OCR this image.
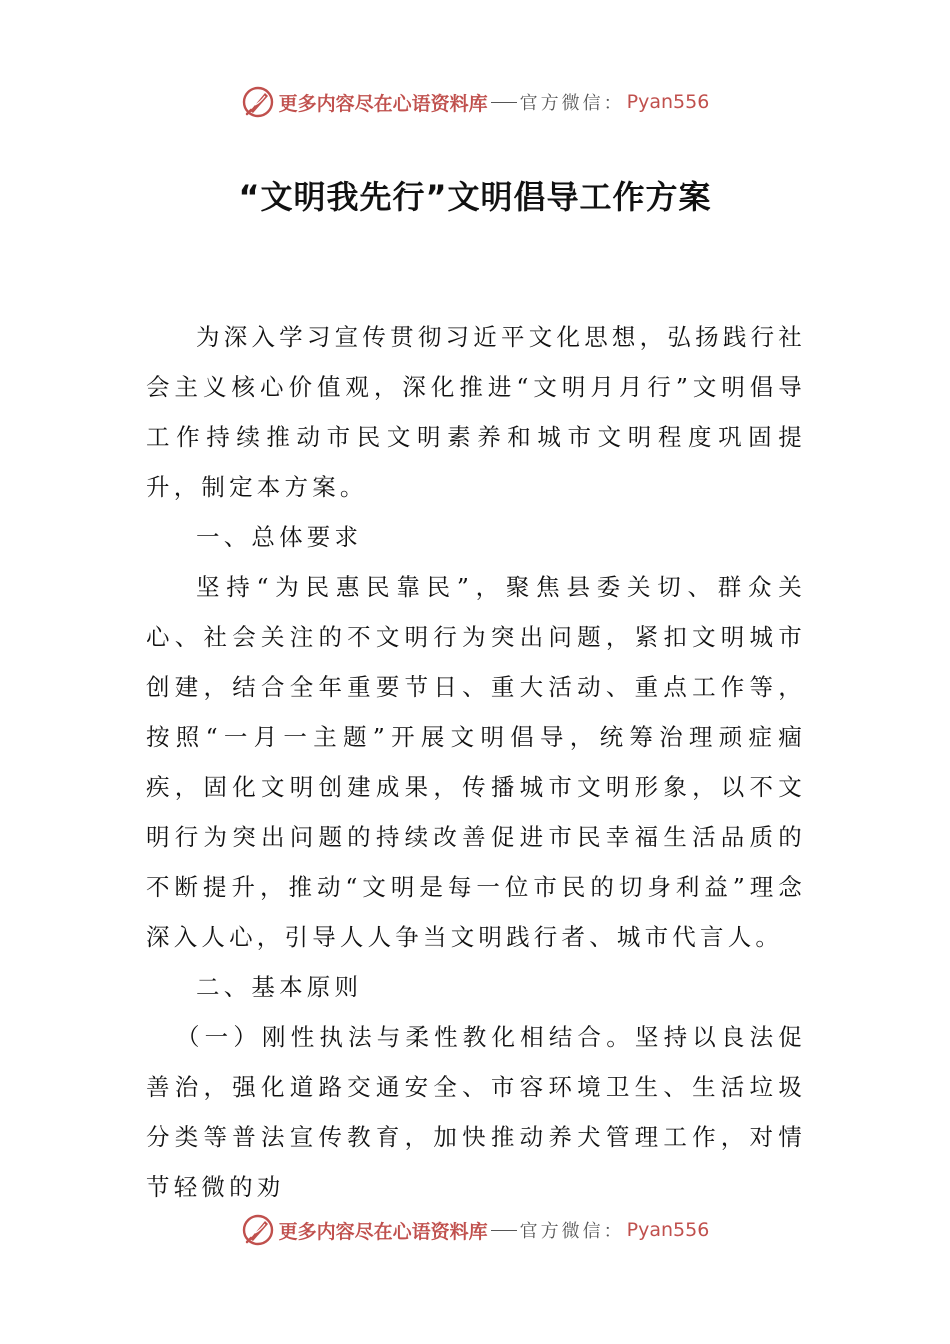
更多内容尽在心语资料库 官方微信： Pyan556
“文明我先行”文明倡导工作方案

为深入学习宣传贯彻习近平文化思想，弘扬践行社会主义核心价值观，深化推进“文明月月行”文明倡导工作持续推动市民文明素养和城市文明程度巩固提升，制定本方案。

一、总体要求

坚持“为民惠民靠民”，聚焦县委关切、群众关心、社会关注的不文明行为突出问题，紧扣文明城市创建，结合全年重要节日、重大活动、重点工作等，按照“一月一主题”开展文明倡导，统筹治理顽症痼疾，固化文明创建成果，传播城市文明形象，以不文明行为突出问题的持续改善促进市民幸福生活品质的不断提升，推动“文明是每一位市民的切身利益”理念深入人心，引导人人争当文明践行者、城市代言人。

二、基本原则

（一）刚性执法与柔性教化相结合。坚持以良法促善治，强化道路交通安全、市容环境卫生、生活垃圾分类等普法宣传教育，加快推动养犬管理工作，对情节轻微的劝

更多内容尽在心语资料库 官方微信： Pyan556
